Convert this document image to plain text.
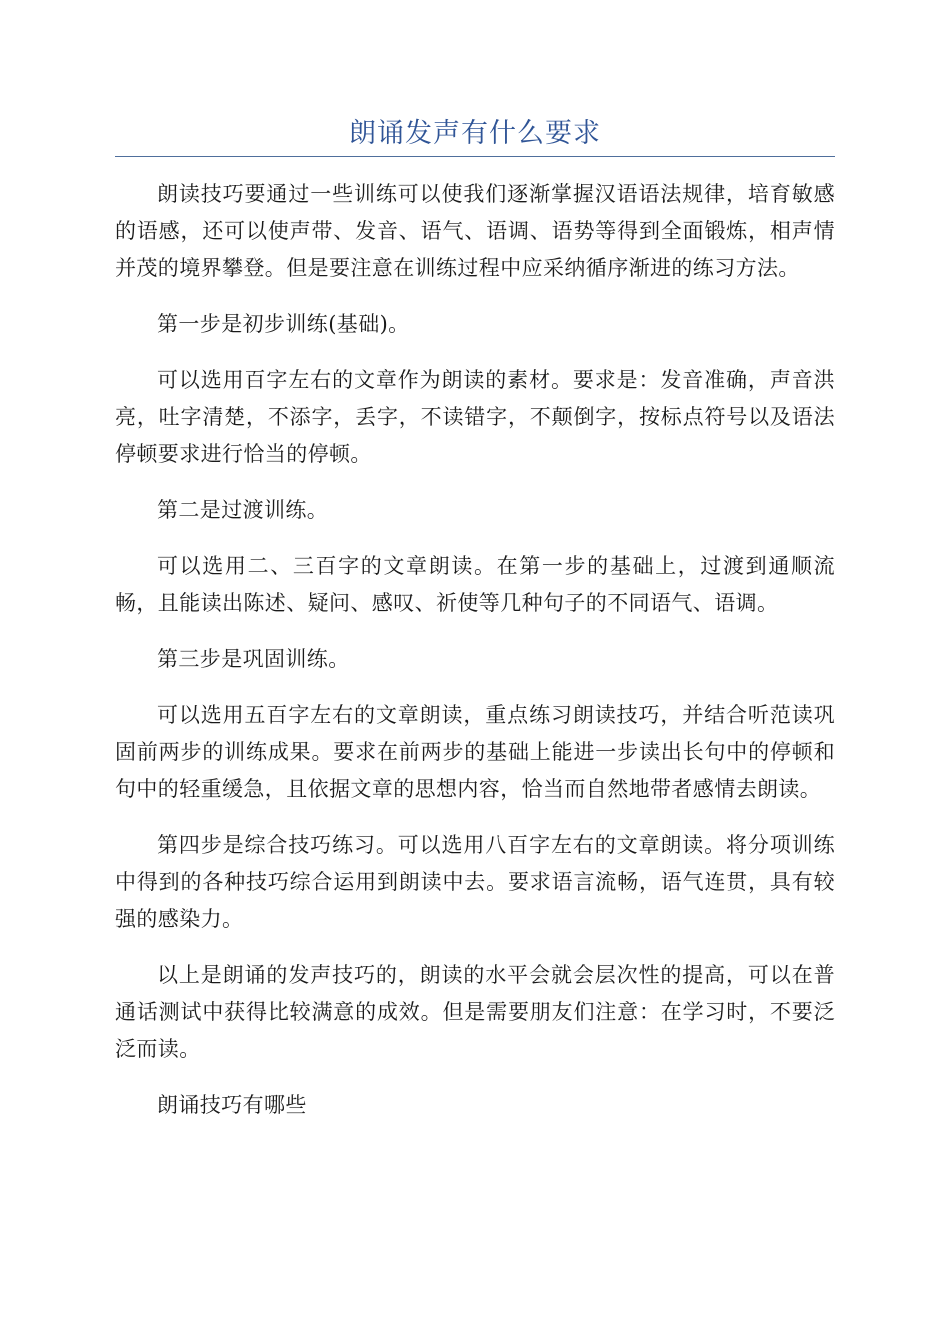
朗诵发声有什么要求

朗读技巧要通过一些训练可以使我们逐渐掌握汉语语法规律，培育敏感的语感，还可以使声带、发音、语气、语调、语势等得到全面锻炼，相声情并茂的境界攀登。但是要注意在训练过程中应采纳循序渐进的练习方法。

第一步是初步训练(基础)。

可以选用百字左右的文章作为朗读的素材。要求是：发音准确，声音洪亮，吐字清楚，不添字，丢字，不读错字，不颠倒字，按标点符号以及语法停顿要求进行恰当的停顿。

第二是过渡训练。

可以选用二、三百字的文章朗读。在第一步的基础上，过渡到通顺流畅，且能读出陈述、疑问、感叹、祈使等几种句子的不同语气、语调。

第三步是巩固训练。

可以选用五百字左右的文章朗读，重点练习朗读技巧，并结合听范读巩固前两步的训练成果。要求在前两步的基础上能进一步读出长句中的停顿和句中的轻重缓急，且依据文章的思想内容，恰当而自然地带者感情去朗读。

第四步是综合技巧练习。可以选用八百字左右的文章朗读。将分项训练中得到的各种技巧综合运用到朗读中去。要求语言流畅，语气连贯，具有较强的感染力。

以上是朗诵的发声技巧的，朗读的水平会就会层次性的提高，可以在普通话测试中获得比较满意的成效。但是需要朋友们注意：在学习时，不要泛泛而读。

朗诵技巧有哪些
